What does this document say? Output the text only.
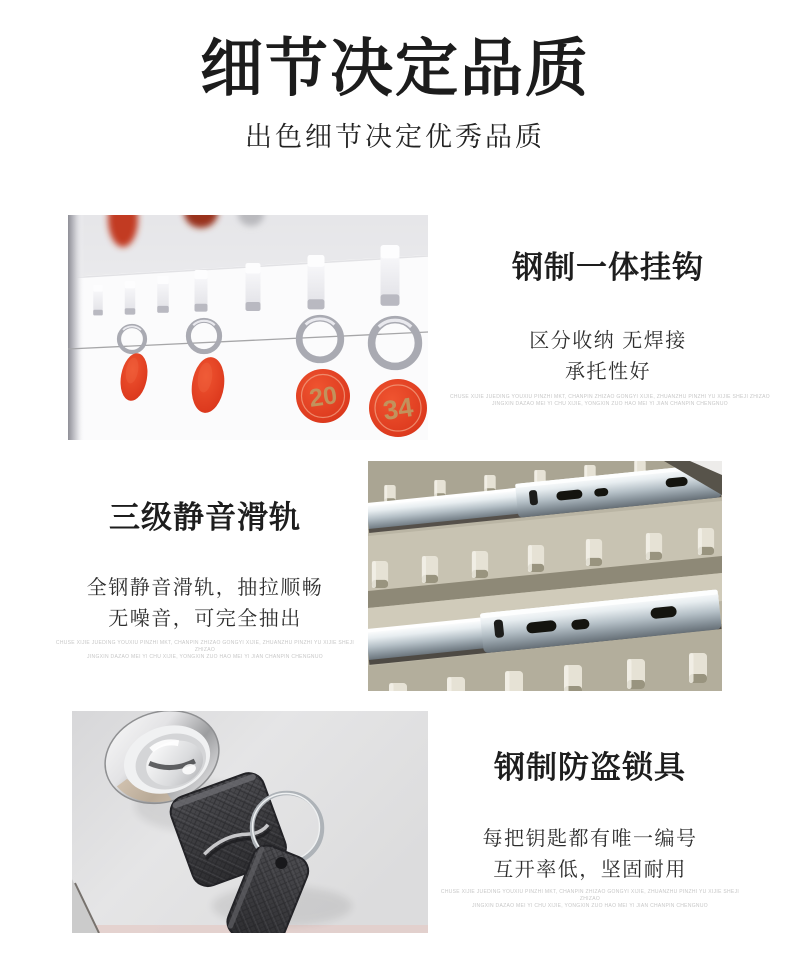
细节决定品质
出色细节决定优秀品质
20 34
钢制一体挂钩
区分收纳 无焊接
承托性好
CHUSE XIJIE JUEDING YOUXIU PINZHI MKT, CHANPIN ZHIZAO GONGYI XIJIE, ZHUANZHU PINZHI YU XIJIE SHEJI ZHIZAO
JINGXIN DAZAO MEI YI CHU XIJIE, YONGXIN ZUO HAO MEI YI JIAN CHANPIN CHENGNUO
三级静音滑轨
全钢静音滑轨，抽拉顺畅
无噪音，可完全抽出
CHUSE XIJIE JUEDING YOUXIU PINZHI MKT, CHANPIN ZHIZAO GONGYI XIJIE, ZHUANZHU PINZHI YU XIJIE SHEJI ZHIZAO
JINGXIN DAZAO MEI YI CHU XIJIE, YONGXIN ZUO HAO MEI YI JIAN CHANPIN CHENGNUO
钢制防盗锁具
每把钥匙都有唯一编号
互开率低，坚固耐用
CHUSE XIJIE JUEDING YOUXIU PINZHI MKT, CHANPIN ZHIZAO GONGYI XIJIE, ZHUANZHU PINZHI YU XIJIE SHEJI ZHIZAO
JINGXIN DAZAO MEI YI CHU XIJIE, YONGXIN ZUO HAO MEI YI JIAN CHANPIN CHENGNUO
